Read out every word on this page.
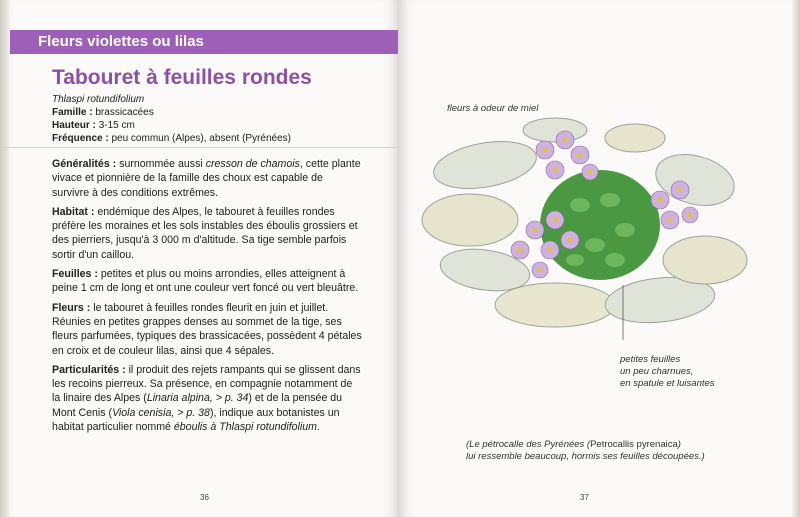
Fleurs violettes ou lilas
Tabouret à feuilles rondes
Thlaspi rotundifolium
Famille : brassicacées
Hauteur : 3-15 cm
Fréquence : peu commun (Alpes), absent (Pyrénées)

Généralités : surnommée aussi cresson de chamois, cette plante vivace et pionnière de la famille des choux est capable de survivre à des conditions extrêmes.

Habitat : endémique des Alpes, le tabouret à feuilles rondes préfère les moraines et les sols instables des éboulis grossiers et des pierriers, jusqu'à 3 000 m d'altitude. Sa tige semble parfois sortir d'un caillou.

Feuilles : petites et plus ou moins arrondies, elles atteignent à peine 1 cm de long et ont une couleur vert foncé ou vert bleuâtre.

Fleurs : le tabouret à feuilles rondes fleurit en juin et juillet. Réunies en petites grappes denses au sommet de la tige, ses fleurs parfumées, typiques des brassicacées, possèdent 4 pétales en croix et de couleur lilas, ainsi que 4 sépales.

Particularités : il produit des rejets rampants qui se glissent dans les recoins pierreux. Sa présence, en compagnie notamment de la linaire des Alpes (Linaria alpina, > p. 34) et de la pensée du Mont Cenis (Viola cenisia, > p. 38), indique aux botanistes un habitat particulier nommé éboulis à Thlaspi rotundifolium.

36	37
fleurs à odeur de miel
petites feuilles
un peu charnues,
en spatule et luisantes
(Le pétrocalle des Pyrénées (Petrocallis pyrenaica)
lui ressemble beaucoup, hormis ses feuilles découpées.)
